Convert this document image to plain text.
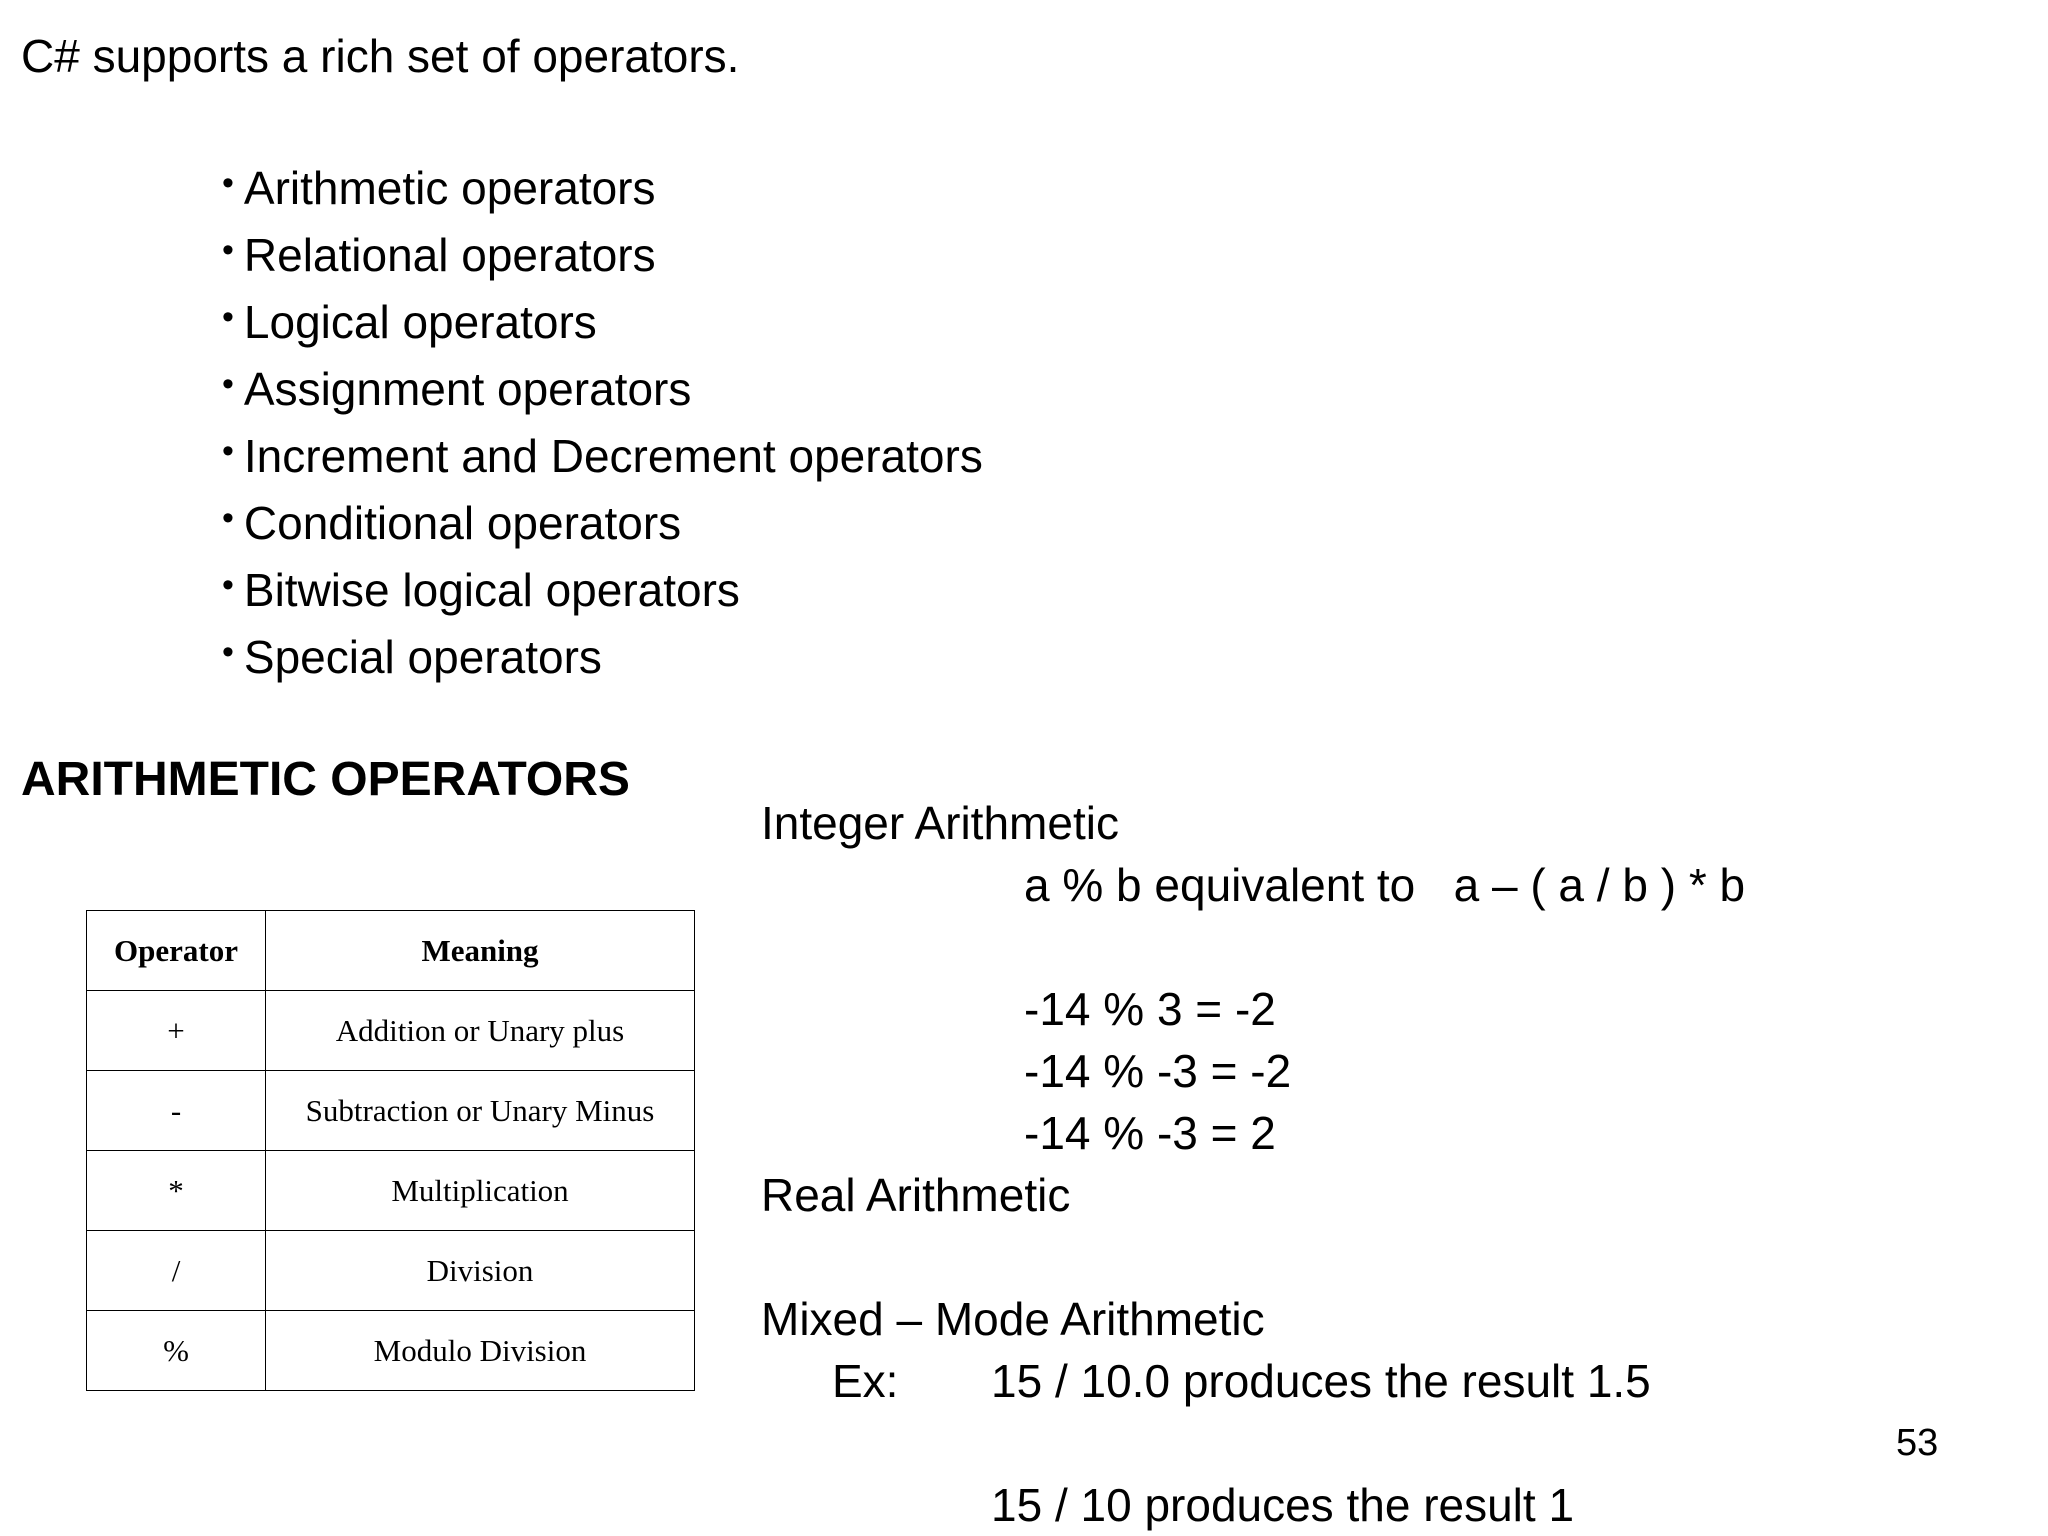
C# supports a rich set of operators.
• Arithmetic operators
• Relational operators
• Logical operators
• Assignment operators
• Increment and Decrement operators
• Conditional operators
• Bitwise logical operators
• Special operators
ARITHMETIC OPERATORS
Operator	Meaning
+	Addition or Unary plus
-	Subtraction or Unary Minus
*	Multiplication
/	Division
%	Modulo Division
Integer Arithmetic
a % b equivalent to   a – ( a / b ) * b
-14 % 3 = -2
-14 % -3 = -2
-14 % -3 = 2
Real Arithmetic
Mixed – Mode Arithmetic
Ex:	15 / 10.0 produces the result 1.5
15 / 10 produces the result 1
53
